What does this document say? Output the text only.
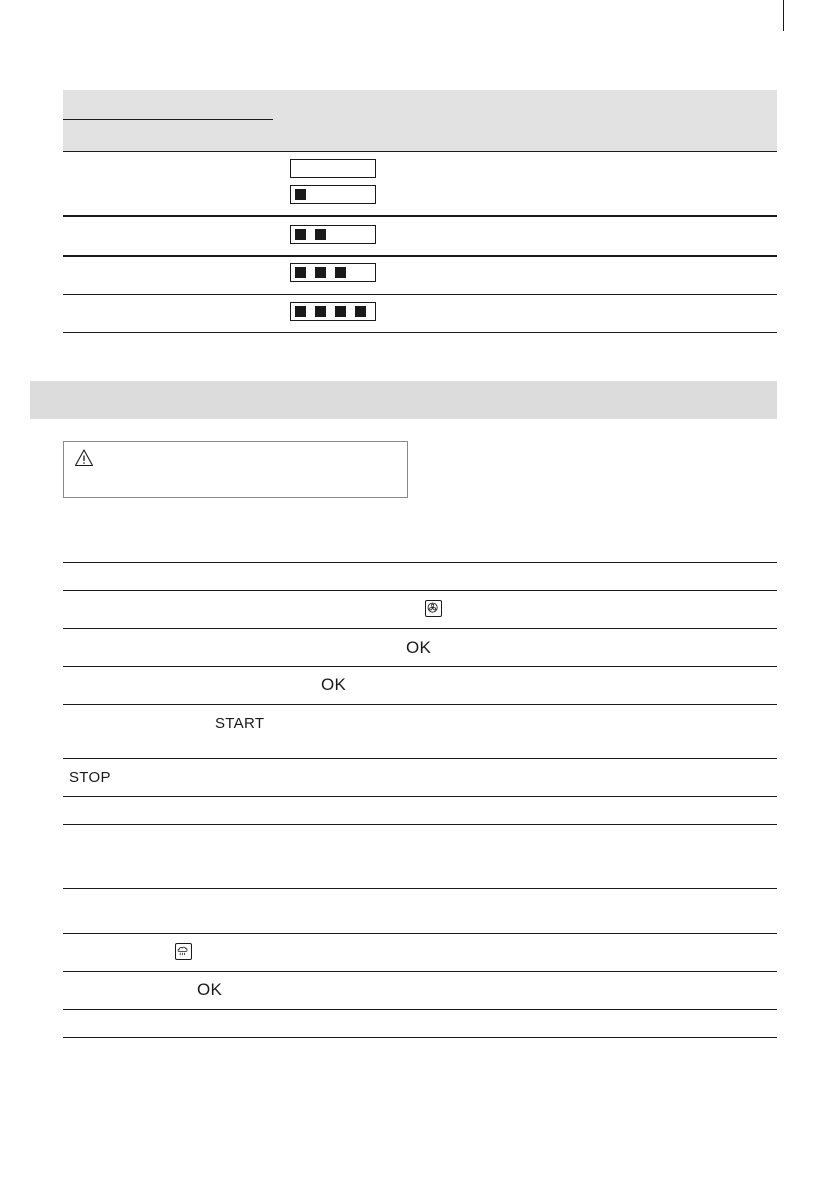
OK
OK
START
STOP
OK
